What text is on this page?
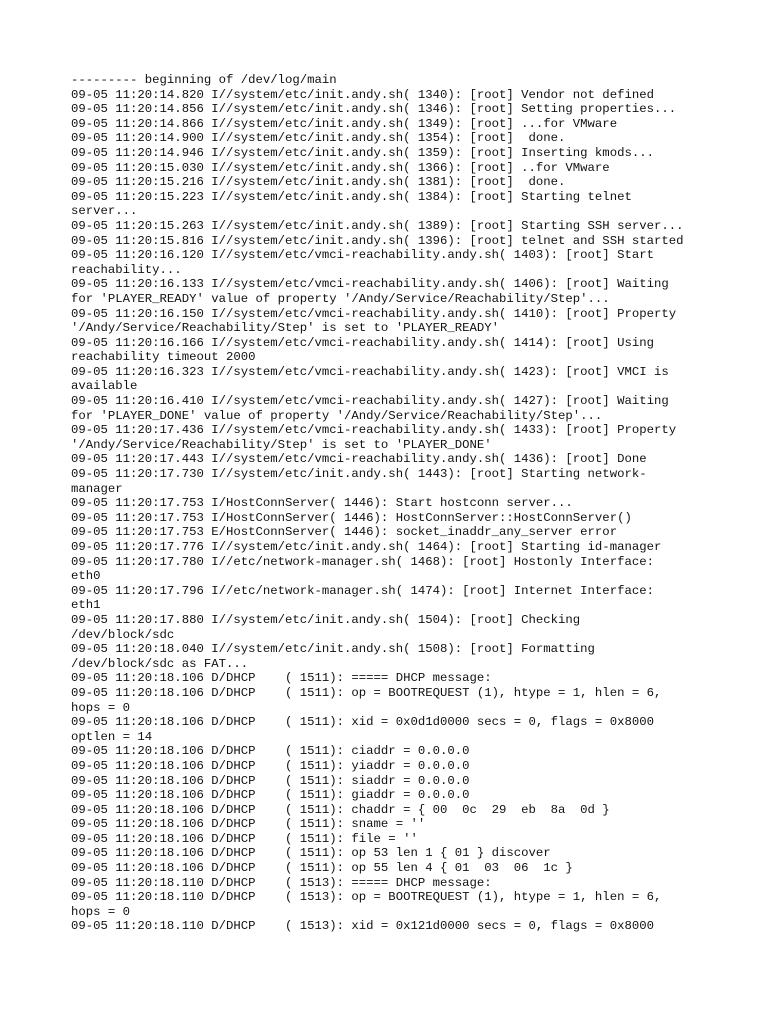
--------- beginning of /dev/log/main
09-05 11:20:14.820 I//system/etc/init.andy.sh( 1340): [root] Vendor not defined
09-05 11:20:14.856 I//system/etc/init.andy.sh( 1346): [root] Setting properties...
09-05 11:20:14.866 I//system/etc/init.andy.sh( 1349): [root] ...for VMware
09-05 11:20:14.900 I//system/etc/init.andy.sh( 1354): [root]  done.
09-05 11:20:14.946 I//system/etc/init.andy.sh( 1359): [root] Inserting kmods...
09-05 11:20:15.030 I//system/etc/init.andy.sh( 1366): [root] ..for VMware
09-05 11:20:15.216 I//system/etc/init.andy.sh( 1381): [root]  done.
09-05 11:20:15.223 I//system/etc/init.andy.sh( 1384): [root] Starting telnet
server...
09-05 11:20:15.263 I//system/etc/init.andy.sh( 1389): [root] Starting SSH server...
09-05 11:20:15.816 I//system/etc/init.andy.sh( 1396): [root] telnet and SSH started
09-05 11:20:16.120 I//system/etc/vmci-reachability.andy.sh( 1403): [root] Start
reachability...
09-05 11:20:16.133 I//system/etc/vmci-reachability.andy.sh( 1406): [root] Waiting
for 'PLAYER_READY' value of property '/Andy/Service/Reachability/Step'...
09-05 11:20:16.150 I//system/etc/vmci-reachability.andy.sh( 1410): [root] Property
'/Andy/Service/Reachability/Step' is set to 'PLAYER_READY'
09-05 11:20:16.166 I//system/etc/vmci-reachability.andy.sh( 1414): [root] Using
reachability timeout 2000
09-05 11:20:16.323 I//system/etc/vmci-reachability.andy.sh( 1423): [root] VMCI is
available
09-05 11:20:16.410 I//system/etc/vmci-reachability.andy.sh( 1427): [root] Waiting
for 'PLAYER_DONE' value of property '/Andy/Service/Reachability/Step'...
09-05 11:20:17.436 I//system/etc/vmci-reachability.andy.sh( 1433): [root] Property
'/Andy/Service/Reachability/Step' is set to 'PLAYER_DONE'
09-05 11:20:17.443 I//system/etc/vmci-reachability.andy.sh( 1436): [root] Done
09-05 11:20:17.730 I//system/etc/init.andy.sh( 1443): [root] Starting network-
manager
09-05 11:20:17.753 I/HostConnServer( 1446): Start hostconn server...
09-05 11:20:17.753 I/HostConnServer( 1446): HostConnServer::HostConnServer()
09-05 11:20:17.753 E/HostConnServer( 1446): socket_inaddr_any_server error
09-05 11:20:17.776 I//system/etc/init.andy.sh( 1464): [root] Starting id-manager
09-05 11:20:17.780 I//etc/network-manager.sh( 1468): [root] Hostonly Interface:
eth0
09-05 11:20:17.796 I//etc/network-manager.sh( 1474): [root] Internet Interface:
eth1
09-05 11:20:17.880 I//system/etc/init.andy.sh( 1504): [root] Checking
/dev/block/sdc
09-05 11:20:18.040 I//system/etc/init.andy.sh( 1508): [root] Formatting
/dev/block/sdc as FAT...
09-05 11:20:18.106 D/DHCP    ( 1511): ===== DHCP message:
09-05 11:20:18.106 D/DHCP    ( 1511): op = BOOTREQUEST (1), htype = 1, hlen = 6,
hops = 0
09-05 11:20:18.106 D/DHCP    ( 1511): xid = 0x0d1d0000 secs = 0, flags = 0x8000
optlen = 14
09-05 11:20:18.106 D/DHCP    ( 1511): ciaddr = 0.0.0.0
09-05 11:20:18.106 D/DHCP    ( 1511): yiaddr = 0.0.0.0
09-05 11:20:18.106 D/DHCP    ( 1511): siaddr = 0.0.0.0
09-05 11:20:18.106 D/DHCP    ( 1511): giaddr = 0.0.0.0
09-05 11:20:18.106 D/DHCP    ( 1511): chaddr = { 00  0c  29  eb  8a  0d }
09-05 11:20:18.106 D/DHCP    ( 1511): sname = ''
09-05 11:20:18.106 D/DHCP    ( 1511): file = ''
09-05 11:20:18.106 D/DHCP    ( 1511): op 53 len 1 { 01 } discover
09-05 11:20:18.106 D/DHCP    ( 1511): op 55 len 4 { 01  03  06  1c }
09-05 11:20:18.110 D/DHCP    ( 1513): ===== DHCP message:
09-05 11:20:18.110 D/DHCP    ( 1513): op = BOOTREQUEST (1), htype = 1, hlen = 6,
hops = 0
09-05 11:20:18.110 D/DHCP    ( 1513): xid = 0x121d0000 secs = 0, flags = 0x8000
